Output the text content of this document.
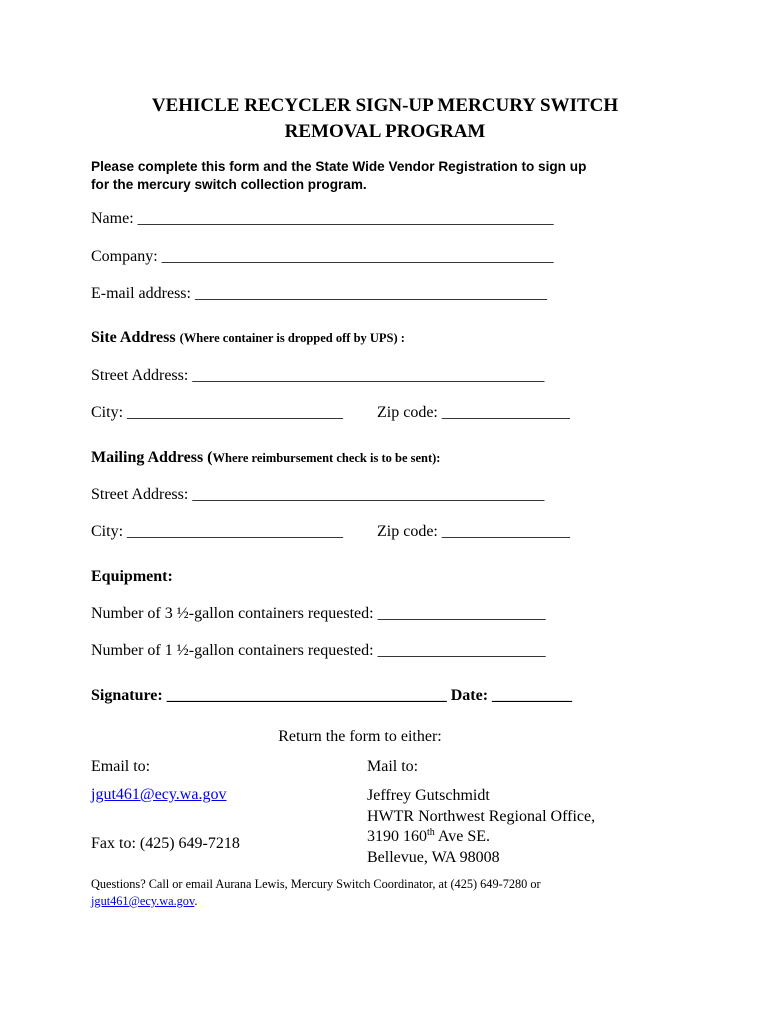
VEHICLE RECYCLER SIGN-UP MERCURY SWITCH
REMOVAL PROGRAM
Please complete this form and the State Wide Vendor Registration to sign up
for the mercury switch collection program.
Name: ____________________________________________________
Company: _________________________________________________
E-mail address: ____________________________________________
Site Address (Where container is dropped off by UPS) :
Street Address: ____________________________________________
City: ___________________________ Zip code: ________________
Mailing Address (Where reimbursement check is to be sent):
Street Address: ____________________________________________
City: ___________________________ Zip code: ________________
Equipment:
Number of 3 ½-gallon containers requested: _____________________
Number of 1 ½-gallon containers requested: _____________________
Signature: ___________________________________ Date: __________
Return the form to either:
Email to:
jgut461@ecy.wa.gov
Fax to: (425) 649-7218
Mail to:
Jeffrey Gutschmidt
HWTR Northwest Regional Office,
3190 160th Ave SE.
Bellevue, WA 98008
Questions? Call or email Aurana Lewis, Mercury Switch Coordinator, at (425) 649-7280 or
jgut461@ecy.wa.gov.
